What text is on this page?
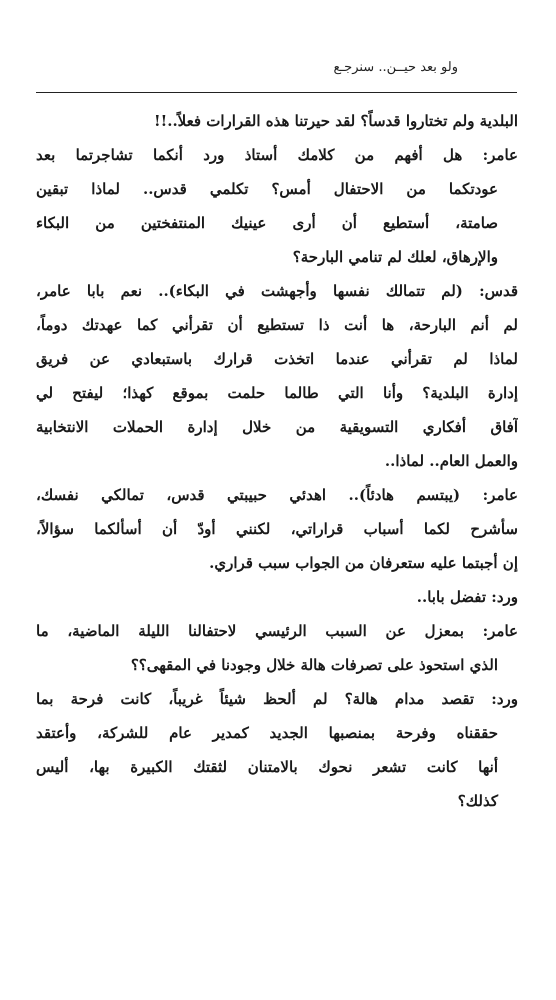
ولو بعد حيــن.. سنرجـع
البلدية ولم تختاروا قدساً؟ لقد حيرتنا هذه القرارات فعلاً..!!
عامر: هل أفهم من كلامك أستاذ ورد أنكما تشاجرتما بعد
عودتكما من الاحتفال أمس؟ تكلمي قدس.. لماذا تبقين
صامتة، أستطيع أن أرى عينيك المنتفختين من البكاء
والإرهاق، لعلك لم تنامي البارحة؟
قدس: (لم تتمالك نفسها وأجهشت في البكاء).. نعم بابا عامر،
لم أنم البارحة، ها أنت ذا تستطيع أن تقرأني كما عهدتك دوماً،
لماذا لم تقرأني عندما اتخذت قرارك باستبعادي عن فريق
إدارة البلدية؟ وأنا التي طالما حلمت بموقع كهذا؛ ليفتح لي
آفاق أفكاري التسويقية من خلال إدارة الحملات الانتخابية
والعمل العام.. لماذا..
عامر: (يبتسم هادئاً).. اهدئي حبيبتي قدس، تمالكي نفسك،
سأشرح لكما أسباب قراراتي، لكنني أودّ أن أسألكما سؤالاً،
إن أجبتما عليه ستعرفان من الجواب سبب قراري.
ورد: تفضل بابا..
عامر: بمعزل عن السبب الرئيسي لاحتفالنا الليلة الماضية، ما
الذي استحوذ على تصرفات هالة خلال وجودنا في المقهى؟؟
ورد: تقصد مدام هالة؟ لم ألحظ شيئاً غريباً، كانت فرحة بما
حققناه وفرحة بمنصبها الجديد كمدير عام للشركة، وأعتقد
أنها كانت تشعر نحوك بالامتنان لثقتك الكبيرة بها، أليس
كذلك؟
